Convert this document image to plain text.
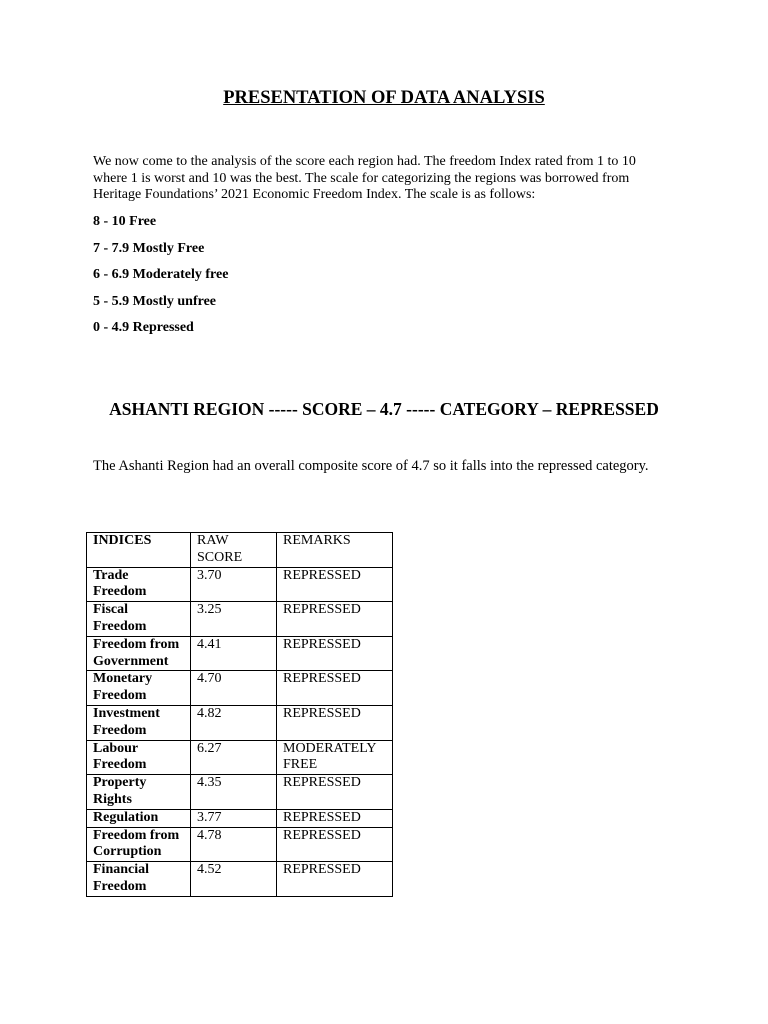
PRESENTATION OF DATA ANALYSIS

We now come to the analysis of the score each region had. The freedom Index rated from 1 to 10 where 1 is worst and 10 was the best. The scale for categorizing the regions was borrowed from Heritage Foundations’ 2021 Economic Freedom Index. The scale is as follows:

8 - 10 Free
7 - 7.9 Mostly Free
6 - 6.9 Moderately free
5 - 5.9 Mostly unfree
0 - 4.9 Repressed
ASHANTI REGION ----- SCORE – 4.7 ----- CATEGORY – REPRESSED

The Ashanti Region had an overall composite score of 4.7 so it falls into the repressed category.

INDICES	RAW SCORE	REMARKS
Trade Freedom	3.70	REPRESSED
Fiscal Freedom	3.25	REPRESSED
Freedom from Government	4.41	REPRESSED
Monetary Freedom	4.70	REPRESSED
Investment Freedom	4.82	REPRESSED
Labour Freedom	6.27	MODERATELY FREE
Property Rights	4.35	REPRESSED
Regulation	3.77	REPRESSED
Freedom from Corruption	4.78	REPRESSED
Financial Freedom	4.52	REPRESSED
